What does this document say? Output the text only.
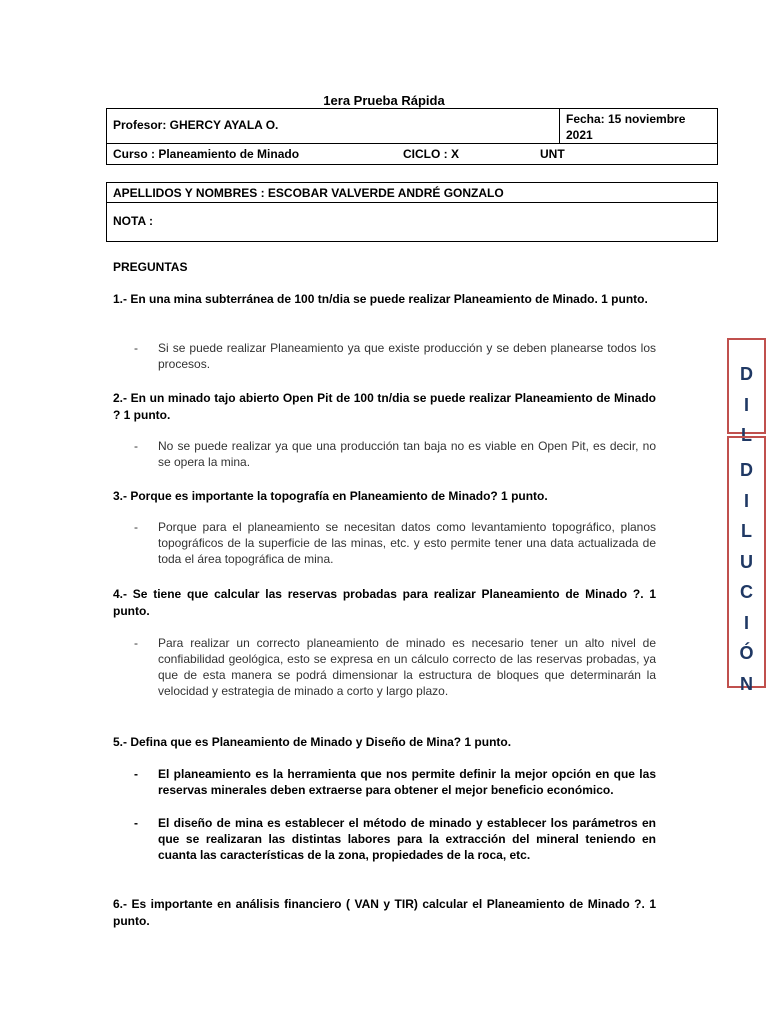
1era Prueba Rápida
Profesor: GHERCY AYALA O.	Fecha: 15 noviembre 2021
Curso : Planeamiento de Minado	CICLO : X	UNT
APELLIDOS Y NOMBRES : ESCOBAR VALVERDE ANDRÉ GONZALO
NOTA :
PREGUNTAS
1.- En una mina subterránea de 100 tn/dia se puede realizar Planeamiento de Minado. 1 punto.
- Si se puede realizar Planeamiento ya que existe producción y se deben planearse todos los procesos.
2.- En un minado tajo abierto Open Pit de 100 tn/dia se puede realizar Planeamiento de Minado ? 1 punto.
- No se puede realizar ya que una producción tan baja no es viable en Open Pit, es decir, no se opera la mina.
3.- Porque es importante la topografía en Planeamiento de Minado? 1 punto.
- Porque para el planeamiento se necesitan datos como levantamiento topográfico, planos topográficos de la superficie de las minas, etc. y esto permite tener una data actualizada de toda el área topográfica de mina.
4.- Se tiene que calcular las reservas probadas para realizar Planeamiento de Minado ?. 1 punto.
- Para realizar un correcto planeamiento de minado es necesario tener un alto nivel de confiabilidad geológica, esto se expresa en un cálculo correcto de las reservas probadas, ya que de esta manera se podrá dimensionar la estructura de bloques que determinarán la velocidad y estrategia de minado a corto y largo plazo.
5.- Defina que es Planeamiento de Minado y Diseño de Mina? 1 punto.
- El planeamiento es la herramienta que nos permite definir la mejor opción en que las reservas minerales deben extraerse para obtener el mejor beneficio económico.
- El diseño de mina es establecer el método de minado y establecer los parámetros en que se realizaran las distintas labores para la extracción del mineral teniendo en cuanta las características de la zona, propiedades de la roca, etc.
6.- Es importante en análisis financiero ( VAN y TIR) calcular el Planeamiento de Minado ?. 1 punto.
D
I
L
D
I
L
U
C
I
Ó
N
